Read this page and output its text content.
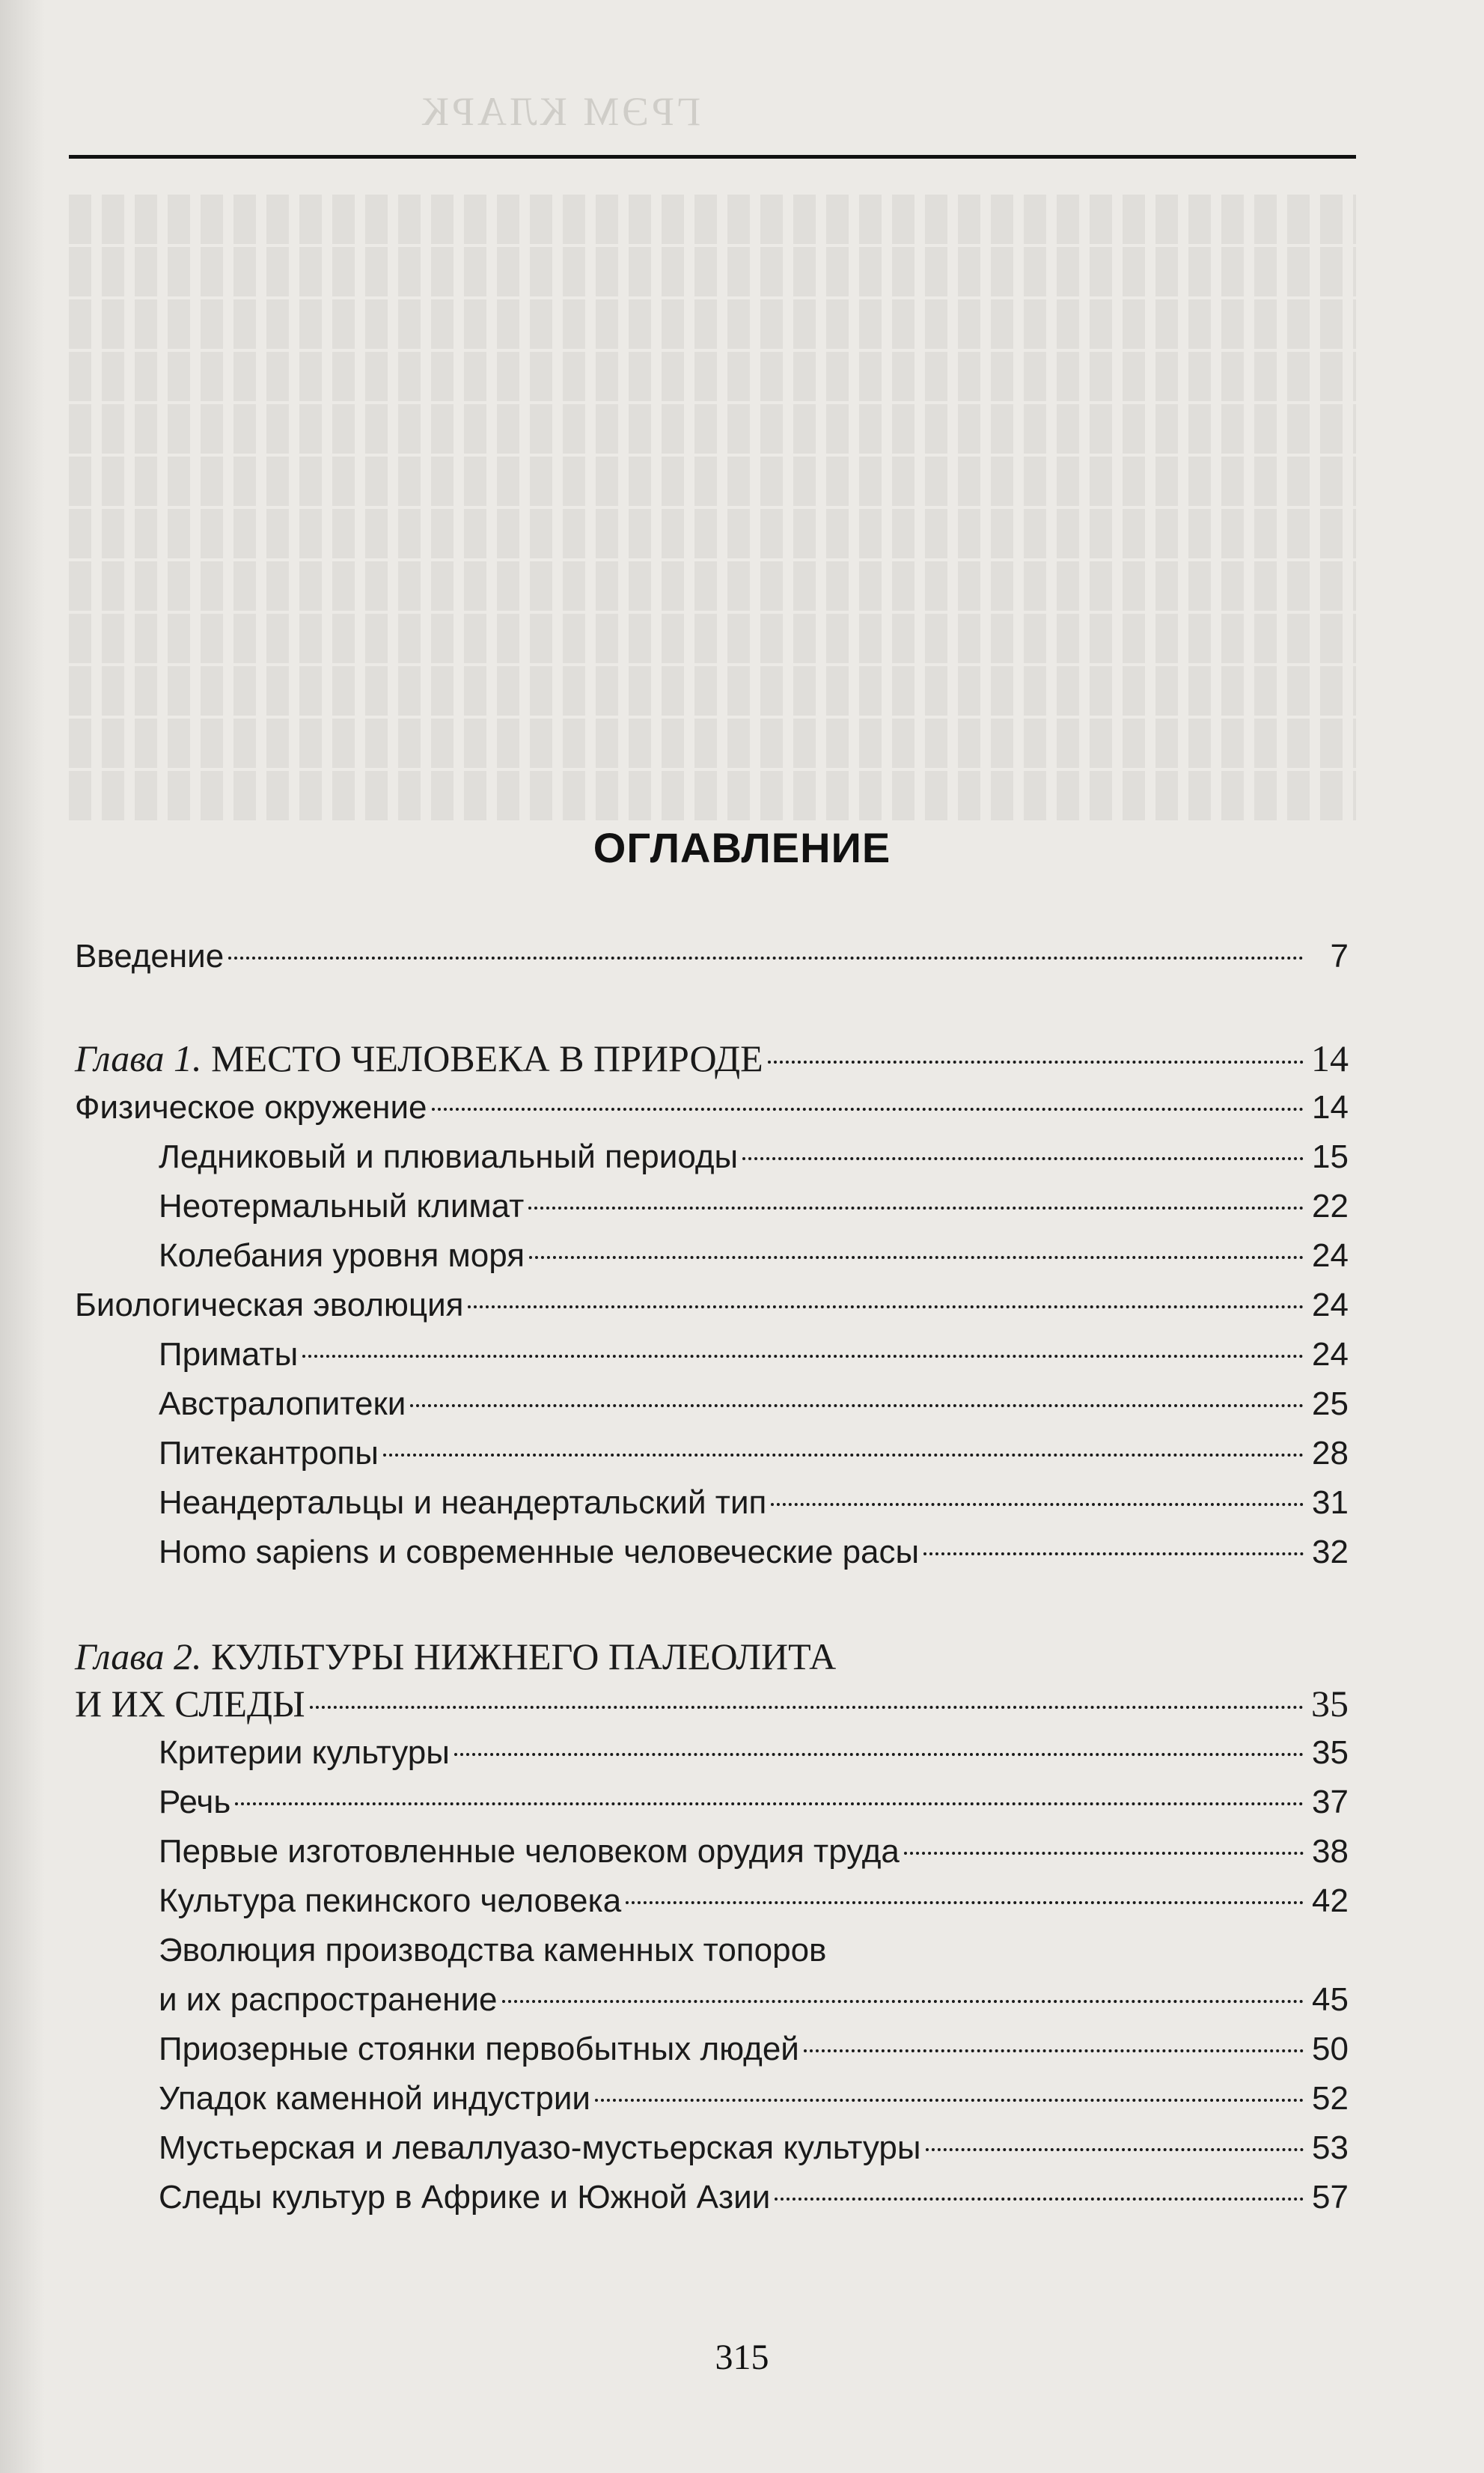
ГРЭМ КЛАРК
ОГЛАВЛЕНИЕ
Введение	7
Глава 1. МЕСТО ЧЕЛОВЕКА В ПРИРОДЕ	14
Физическое окружение	14
Ледниковый и плювиальный периоды	15
Неотермальный климат	22
Колебания уровня моря	24
Биологическая эволюция	24
Приматы	24
Австралопитеки	25
Питекантропы	28
Неандертальцы и неандертальский тип	31
Homo sapiens и современные человеческие расы	32
Глава 2. КУЛЬТУРЫ НИЖНЕГО ПАЛЕОЛИТА
И ИХ СЛЕДЫ	35
Критерии культуры	35
Речь	37
Первые изготовленные человеком орудия труда	38
Культура пекинского человека	42
Эволюция производства каменных топоров
и их распространение	45
Приозерные стоянки первобытных людей	50
Упадок каменной индустрии	52
Мустьерская и леваллуазо-мустьерская культуры	53
Следы культур в Африке и Южной Азии	57
315
